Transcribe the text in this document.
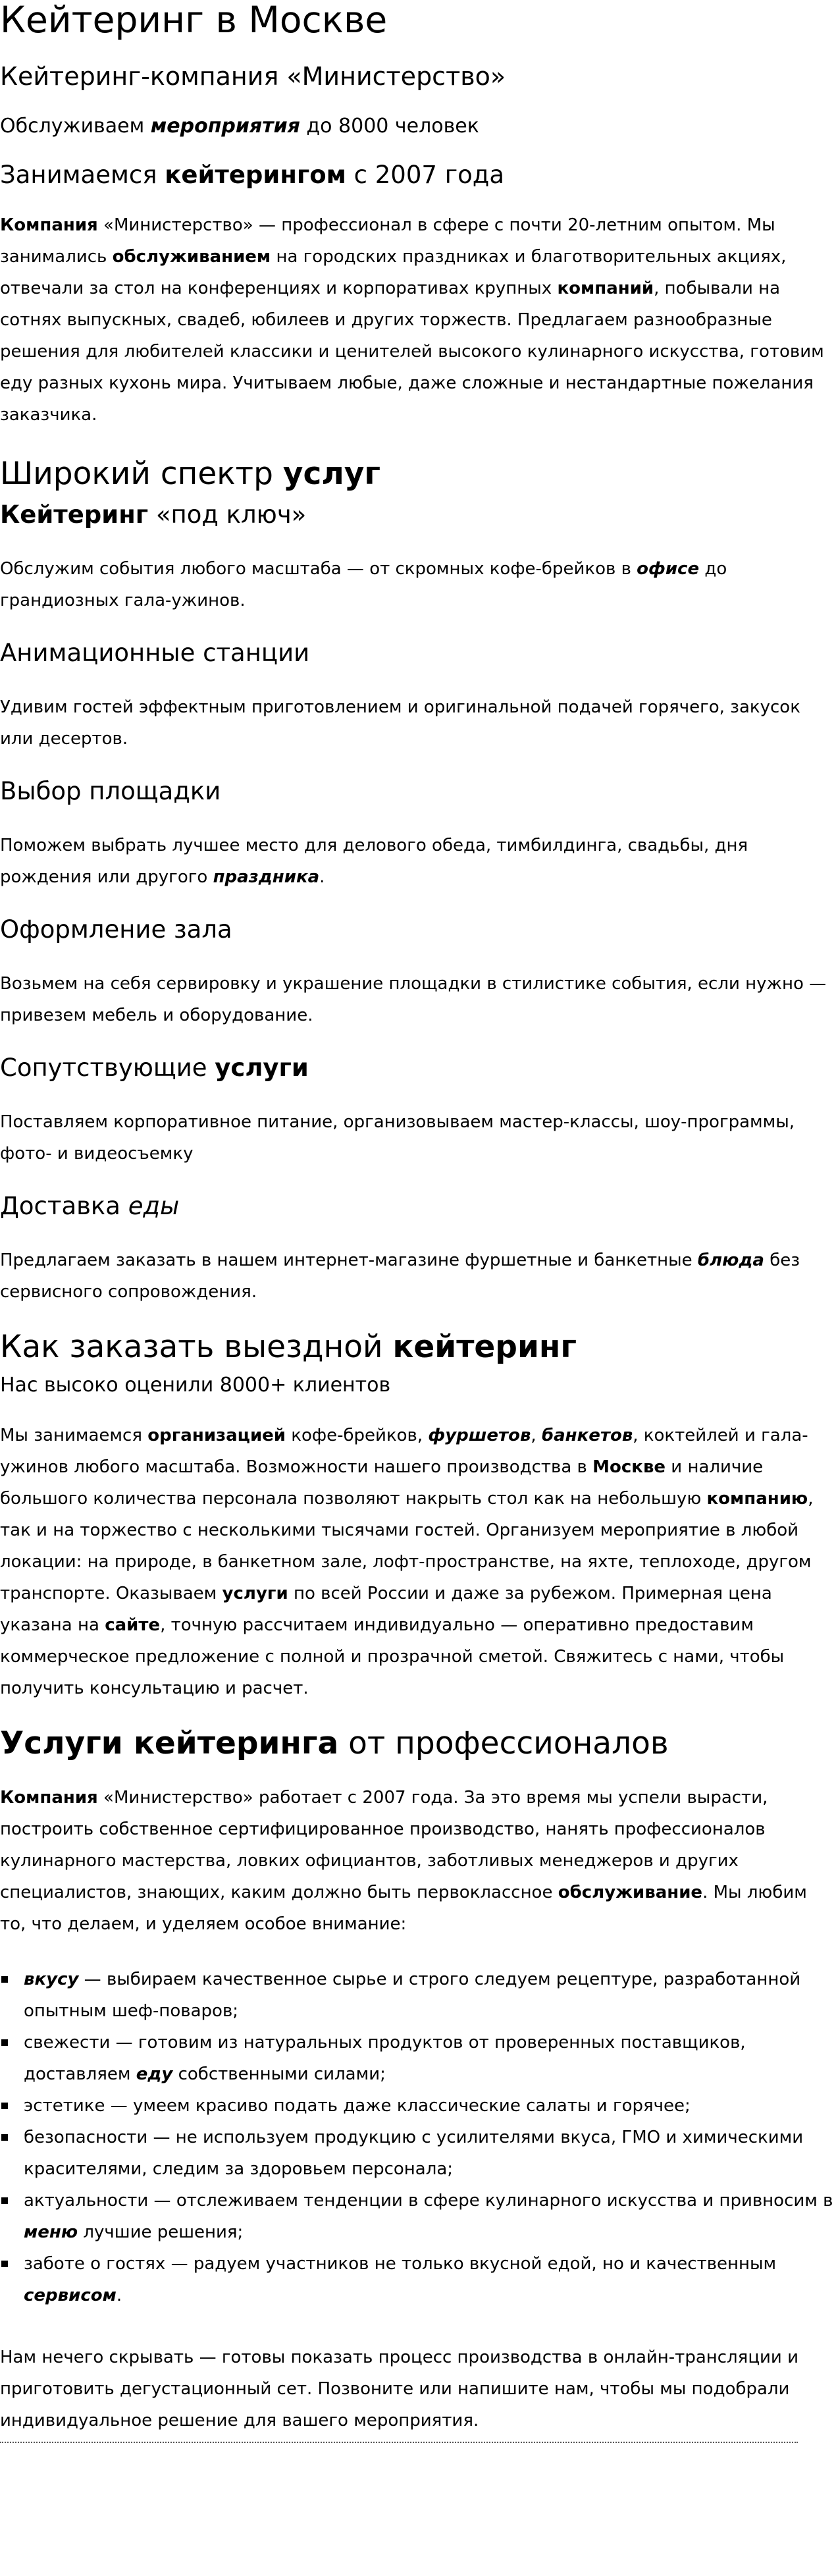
Кейтеринг в Москве
Кейтеринг-компания «Министерство»

Обслуживаем мероприятия до 8000 человек

Занимаемся кейтерингом с 2007 года

Компания «Министерство» — профессионал в сфере с почти 20-летним опытом. Мы занимались обслуживанием на городских праздниках и благотворительных акциях, отвечали за стол на конференциях и корпоративах крупных компаний, побывали на сотнях выпускных, свадеб, юбилеев и других торжеств. Предлагаем разнообразные решения для любителей классики и ценителей высокого кулинарного искусства, готовим еду разных кухонь мира. Учитываем любые, даже сложные и нестандартные пожелания заказчика.

Широкий спектр услуг
Кейтеринг «под ключ»

Обслужим события любого масштаба — от скромных кофе-брейков в офисе до грандиозных гала-ужинов.

Анимационные станции

Удивим гостей эффектным приготовлением и оригинальной подачей горячего, закусок или десертов.

Выбор площадки

Поможем выбрать лучшее место для делового обеда, тимбилдинга, свадьбы, дня рождения или другого праздника.

Оформление зала

Возьмем на себя сервировку и украшение площадки в стилистике события, если нужно — привезем мебель и оборудование.

Сопутствующие услуги

Поставляем корпоративное питание, организовываем мастер-классы, шоу-программы, фото- и видеосъемку

Доставка еды

Предлагаем заказать в нашем интернет-магазине фуршетные и банкетные блюда без сервисного сопровождения.

Как заказать выездной кейтеринг

Нас высоко оценили 8000+ клиентов

Мы занимаемся организацией кофе-брейков, фуршетов, банкетов, коктейлей и гала-ужинов любого масштаба. Возможности нашего производства в Москве и наличие большого количества персонала позволяют накрыть стол как на небольшую компанию, так и на торжество с несколькими тысячами гостей. Организуем мероприятие в любой локации: на природе, в банкетном зале, лофт-пространстве, на яхте, теплоходе, другом транспорте. Оказываем услуги по всей России и даже за рубежом. Примерная цена указана на сайте, точную рассчитаем индивидуально — оперативно предоставим коммерческое предложение с полной и прозрачной сметой. Свяжитесь с нами, чтобы получить консультацию и расчет.

Услуги кейтеринга от профессионалов

Компания «Министерство» работает с 2007 года. За это время мы успели вырасти, построить собственное сертифицированное производство, нанять профессионалов кулинарного мастерства, ловких официантов, заботливых менеджеров и других специалистов, знающих, каким должно быть первоклассное обслуживание. Мы любим то, что делаем, и уделяем особое внимание:

вкусу — выбираем качественное сырье и строго следуем рецептуре, разработанной опытным шеф-поваров;
свежести — готовим из натуральных продуктов от проверенных поставщиков, доставляем еду собственными силами;
эстетике — умеем красиво подать даже классические салаты и горячее;
безопасности — не используем продукцию с усилителями вкуса, ГМО и химическими красителями, следим за здоровьем персонала;
актуальности — отслеживаем тенденции в сфере кулинарного искусства и привносим в меню лучшие решения;
заботе о гостях — радуем участников не только вкусной едой, но и качественным сервисом.

Нам нечего скрывать — готовы показать процесс производства в онлайн-трансляции и приготовить дегустационный сет. Позвоните или напишите нам, чтобы мы подобрали индивидуальное решение для вашего мероприятия.
